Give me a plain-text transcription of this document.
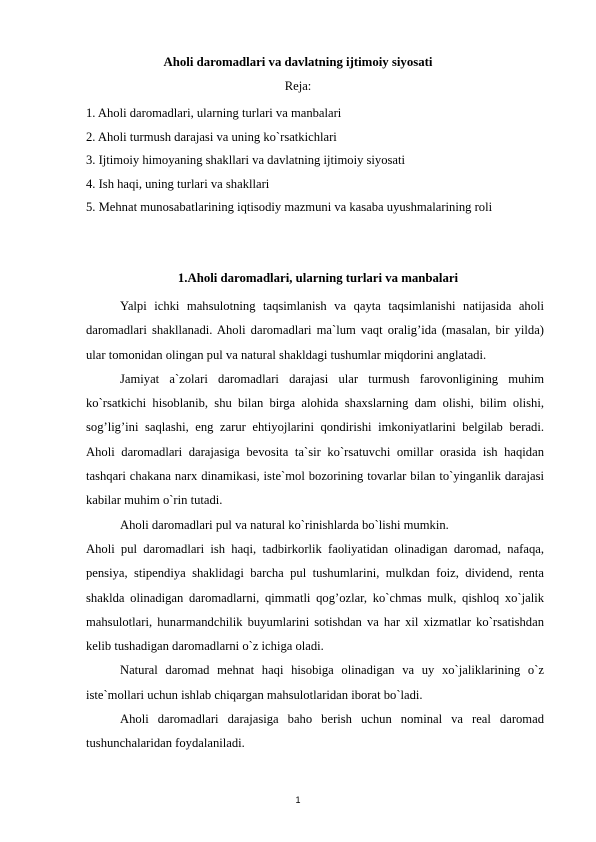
Aholi daromadlari va davlatning ijtimoiy siyosati
Reja:
1. Aholi daromadlari, ularning turlari va manbalari
2. Aholi turmush darajasi va uning ko`rsatkichlari
3. Ijtimoiy himoyaning shakllari va davlatning ijtimoiy siyosati
4. Ish haqi, uning turlari va shakllari
5. Mehnat munosabatlarining iqtisodiy mazmuni va kasaba uyushmalarining roli
1.Aholi daromadlari, ularning turlari va manbalari

Yalpi ichki mahsulotning taqsimlanish va qayta taqsimlanishi natijasida aholi daromadlari shakllanadi. Aholi daromadlari ma`lum vaqt oralig’ida (masalan, bir yilda) ular tomonidan olingan pul va natural shakldagi tushumlar miqdorini anglatadi.

Jamiyat a`zolari daromadlari darajasi ular turmush farovonligining muhim ko`rsatkichi hisoblanib, shu bilan birga alohida shaxslarning dam olishi, bilim olishi, sog’lig’ini saqlashi, eng zarur ehtiyojlarini qondirishi imkoniyatlarini belgilab beradi. Aholi daromadlari darajasiga bevosita ta`sir ko`rsatuvchi omillar orasida ish haqidan tashqari chakana narx dinamikasi, iste`mol bozorining tovarlar bilan to`yinganlik darajasi kabilar muhim o`rin tutadi.

Aholi daromadlari pul va natural ko`rinishlarda bo`lishi mumkin.

Aholi pul daromadlari ish haqi, tadbirkorlik faoliyatidan olinadigan daromad, nafaqa, pensiya, stipendiya shaklidagi barcha pul tushumlarini, mulkdan foiz, dividend, renta shaklda olinadigan daromadlarni, qimmatli qog’ozlar, ko`chmas mulk, qishloq xo`jalik mahsulotlari, hunarmandchilik buyumlarini sotishdan va har xil xizmatlar ko`rsatishdan kelib tushadigan daromadlarni o`z ichiga oladi.

Natural daromad mehnat haqi hisobiga olinadigan va uy xo`jaliklarining o`z iste`mollari uchun ishlab chiqargan mahsulotlaridan iborat bo`ladi.

Aholi daromadlari darajasiga baho berish uchun nominal va real daromad tushunchalaridan foydalaniladi.

1
